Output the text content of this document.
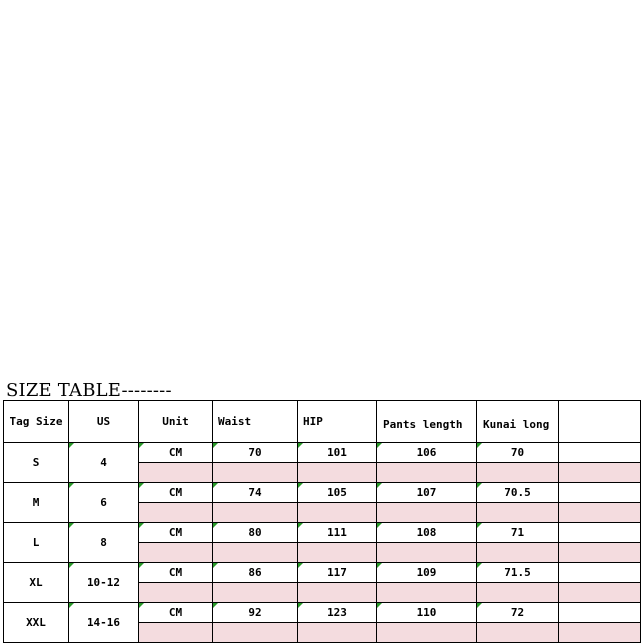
SIZE TABLE--------
Tag Size	US	Unit	Waist	HIP	Pants length	Kunai long	
S	4	CM	70	101	106	70	

M	6	CM	74	105	107	70.5	

L	8	CM	80	111	108	71	

XL	10-12	CM	86	117	109	71.5	

XXL	14-16	CM	92	123	110	72	
